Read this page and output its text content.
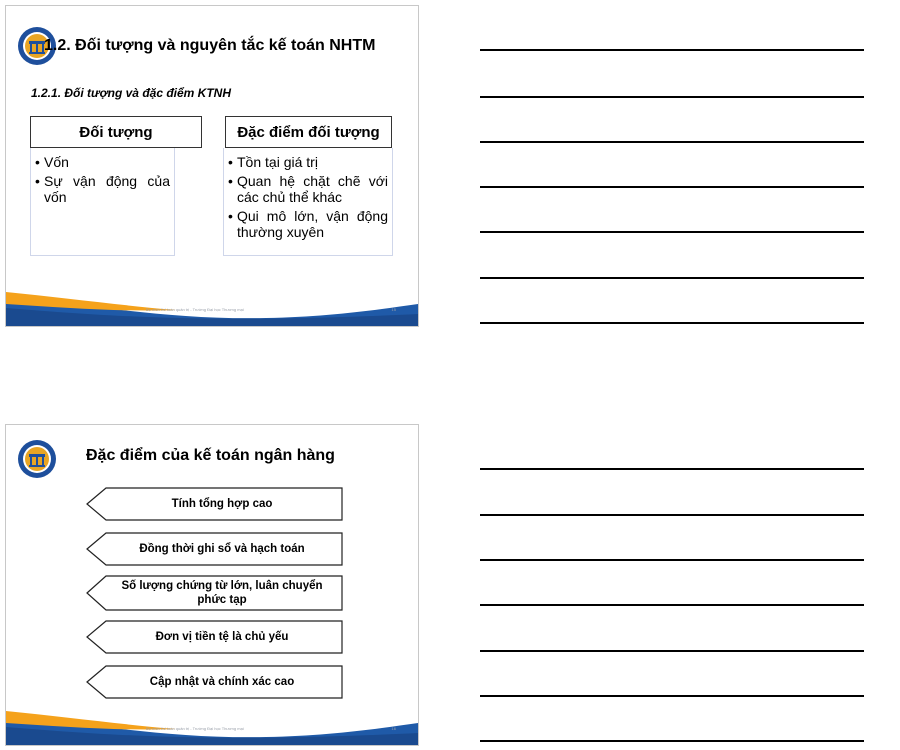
1.2. Đối tượng và nguyên tắc kế toán NHTM
1.2.1. Đối tượng và đặc điểm KTNH
Đối tượng
• Vốn
• Sự vận động của vốn
Đặc điểm đối tượng
• Tồn tại giá trị
• Quan hệ chặt chẽ với các chủ thể khác
• Qui mô lớn, vận động thường xuyên
Bộ môn Kế toán quản trị - Trường Đại học Thương mại	15
Đặc điểm của kế toán ngân hàng
Tính tổng hợp cao
Đồng thời ghi sổ và hạch toán
Số lượng chứng từ lớn, luân chuyển phức tạp
Đơn vị tiền tệ là chủ yếu
Cập nhật và chính xác cao
Bộ môn Kế toán quản trị - Trường Đại học Thương mại	16
